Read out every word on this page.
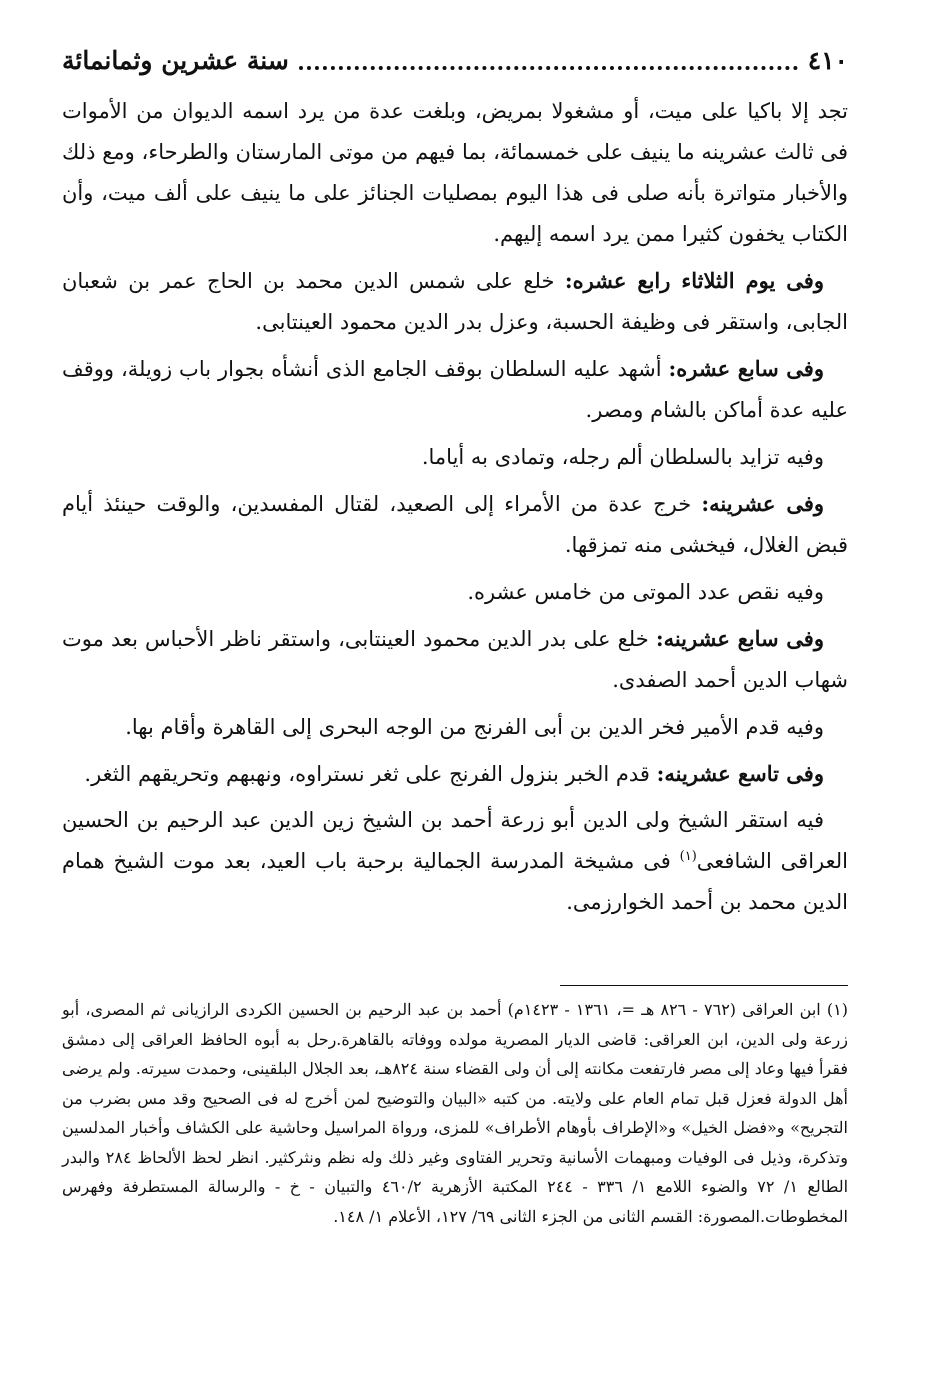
٤١٠
سنة عشرين وثمانمائة

تجد إلا باكيا على ميت، أو مشغولا بمريض، وبلغت عدة من يرد اسمه الديوان من الأموات فى ثالث عشرينه ما ينيف على خمسمائة، بما فيهم من موتى المارستان والطرحاء، ومع ذلك والأخبار متواترة بأنه صلى فى هذا اليوم بمصليات الجنائز على ما ينيف على ألف ميت، وأن الكتاب يخفون كثيرا ممن يرد اسمه إليهم.

وفى يوم الثلاثاء رابع عشره: خلع على شمس الدين محمد بن الحاج عمر بن شعبان الجابى، واستقر فى وظيفة الحسبة، وعزل بدر الدين محمود العينتابى.

وفى سابع عشره: أشهد عليه السلطان بوقف الجامع الذى أنشأه بجوار باب زويلة، ووقف عليه عدة أماكن بالشام ومصر.

وفيه تزايد بالسلطان ألم رجله، وتمادى به أياما.

وفى عشرينه: خرج عدة من الأمراء إلى الصعيد، لقتال المفسدين، والوقت حينئذ أيام قبض الغلال، فيخشى منه تمزقها.

وفيه نقص عدد الموتى من خامس عشره.

وفى سابع عشرينه: خلع على بدر الدين محمود العينتابى، واستقر ناظر الأحباس بعد موت شهاب الدين أحمد الصفدى.

وفيه قدم الأمير فخر الدين بن أبى الفرنج من الوجه البحرى إلى القاهرة وأقام بها.

وفى تاسع عشرينه: قدم الخبر بنزول الفرنج على ثغر نستراوه، ونهبهم وتحريقهم الثغر.

فيه استقر الشيخ ولى الدين أبو زرعة أحمد بن الشيخ زين الدين عبد الرحيم بن الحسين العراقى الشافعى$^{(١)}$ فى مشيخة المدرسة الجمالية برحبة باب العيد، بعد موت الشيخ همام الدين محمد بن أحمد الخوارزمى.

(١) ابن العراقى (٧٦٢ - ٨٢٦ هـ =، ١٣٦١ - ١٤٢٣م) أحمد بن عبد الرحيم بن الحسين الكردى الرازيانى ثم المصرى، أبو زرعة ولى الدين، ابن العراقى: قاضى الديار المصرية مولده ووفاته بالقاهرة.رحل به أبوه الحافظ العراقى إلى دمشق فقرأ فيها وعاد إلى مصر فارتفعت مكانته إلى أن ولى القضاء سنة ٨٢٤هـ، بعد الجلال البلقينى، وحمدت سيرته. ولم يرضى أهل الدولة فعزل قبل تمام العام على ولايته. من كتبه «البيان والتوضيح لمن أخرج له فى الصحيح وقد مس بضرب من التجريح» و«فضل الخيل» و«الإطراف بأوهام الأطراف» للمزى، ورواة المراسيل وحاشية على الكشاف وأخبار المدلسين وتذكرة، وذيل فى الوفيات ومبهمات الأسانية وتحرير الفتاوى وغير ذلك وله نظم ونثركثير. انظر لحظ الألحاظ ٢٨٤ والبدر الطالع ١/ ٧٢ والضوء اللامع ١/ ٣٣٦ - ٢٤٤ المكتبة الأزهرية ٤٦٠/٢ والتبيان - خ - والرسالة المستطرفة وفهرس المخطوطات.المصورة: القسم الثانى من الجزء الثانى ٦٩/ ١٢٧، الأعلام ١/ ١٤٨.
